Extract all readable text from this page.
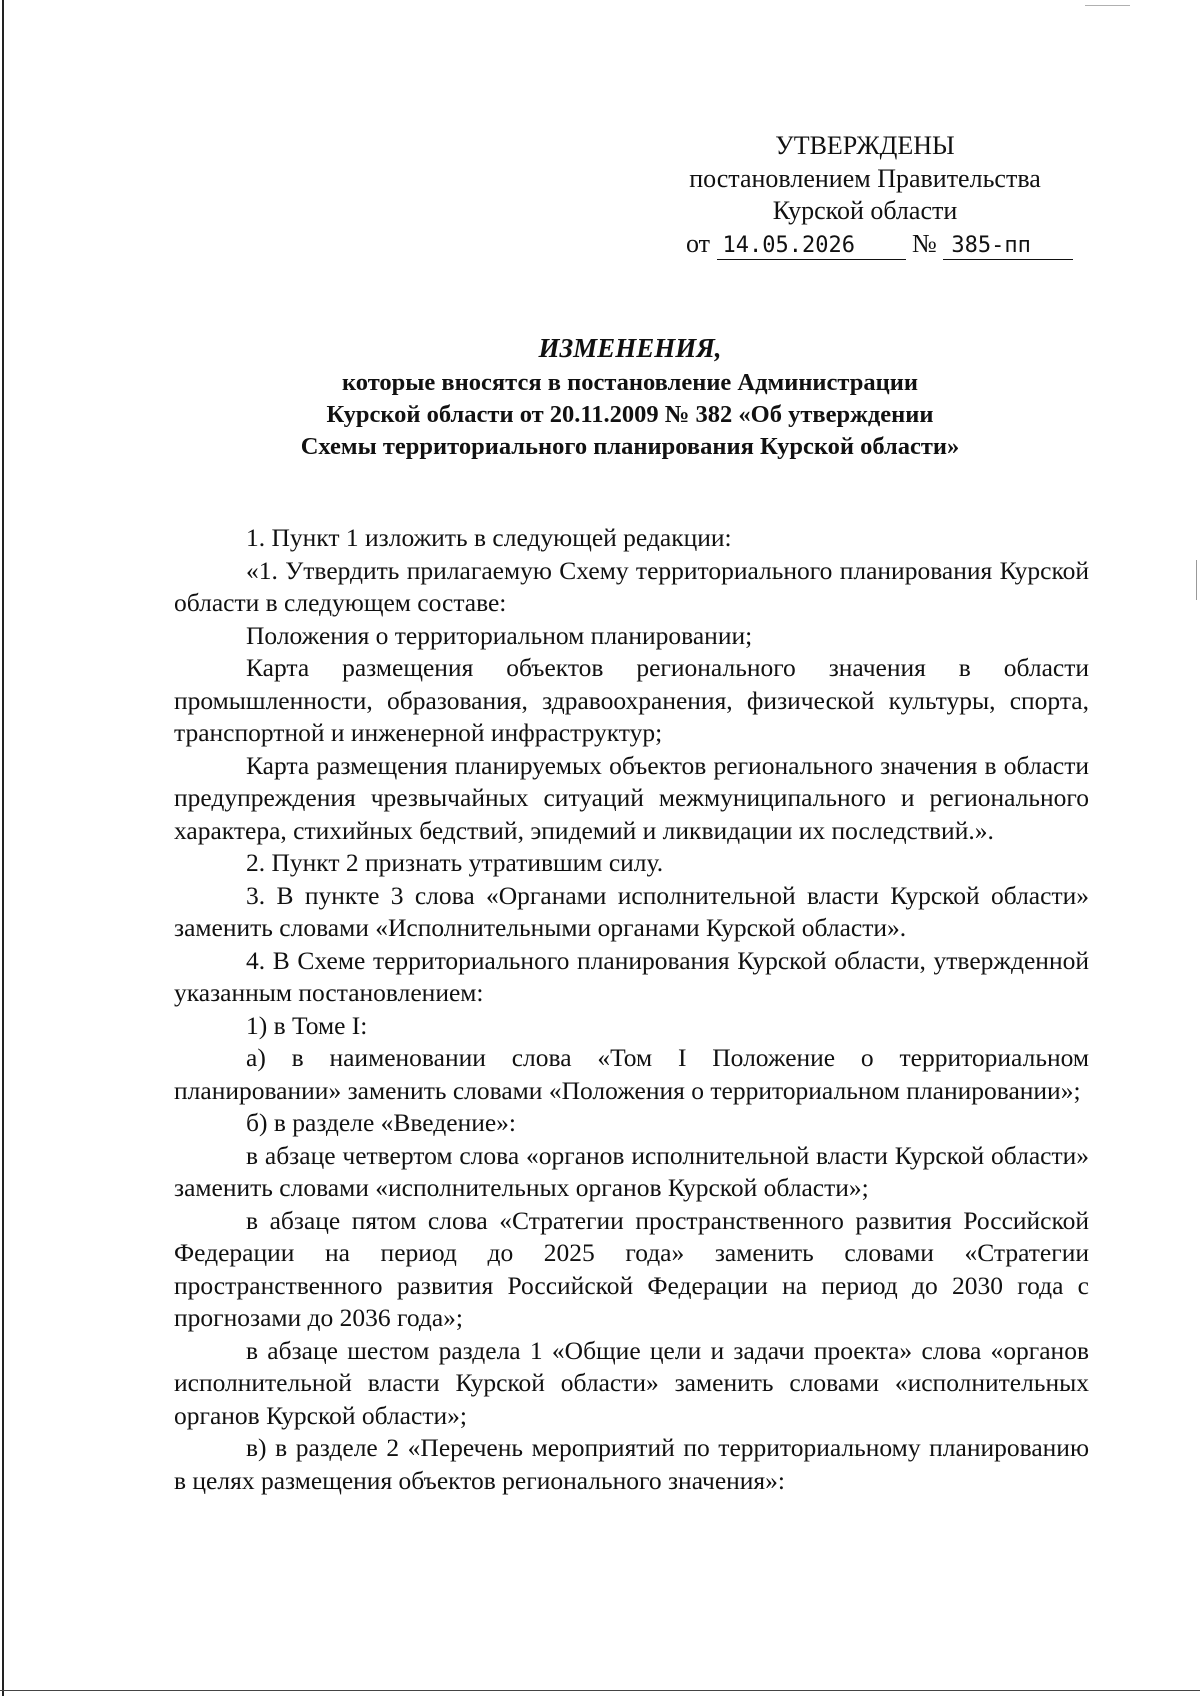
УТВЕРЖДЕНЫ
постановлением Правительства
Курской области
от 14.05.2026 № 385-пп
ИЗМЕНЕНИЯ,
которые вносятся в постановление Администрации
Курской области от 20.11.2009 № 382 «Об утверждении
Схемы территориального планирования Курской области»

1. Пункт 1 изложить в следующей редакции:

«1. Утвердить прилагаемую Схему территориального планирования Курской области в следующем составе:

Положения о территориальном планировании;

Карта размещения объектов регионального значения в области промышленности, образования, здравоохранения, физической культуры, спорта, транспортной и инженерной инфраструктур;

Карта размещения планируемых объектов регионального значения в области предупреждения чрезвычайных ситуаций межмуниципального и регионального характера, стихийных бедствий, эпидемий и ликвидации их последствий.».

2. Пункт 2 признать утратившим силу.

3. В пункте 3 слова «Органами исполнительной власти Курской области» заменить словами «Исполнительными органами Курской области».

4. В Схеме территориального планирования Курской области, утвержденной указанным постановлением:

1) в Томе I:

а) в наименовании слова «Том I Положение о территориальном планировании» заменить словами «Положения о территориальном планировании»;

б) в разделе «Введение»:

в абзаце четвертом слова «органов исполнительной власти Курской области» заменить словами «исполнительных органов Курской области»;

в абзаце пятом слова «Стратегии пространственного развития Российской Федерации на период до 2025 года» заменить словами «Стратегии пространственного развития Российской Федерации на период до 2030 года с прогнозами до 2036 года»;

в абзаце шестом раздела 1 «Общие цели и задачи проекта» слова «органов исполнительной власти Курской области» заменить словами «исполнительных органов Курской области»;

в) в разделе 2 «Перечень мероприятий по территориальному планированию в целях размещения объектов регионального значения»:
